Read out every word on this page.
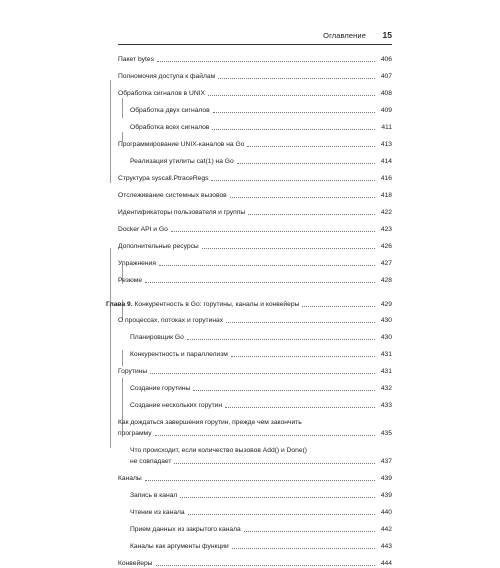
Оглавление 15
Пакет bytes	406
Полномочия доступа к файлам	407
Обработка сигналов в UNIX	408
Обработка двух сигналов	409
Обработка всех сигналов	411
Программирование UNIX-каналов на Go	413
Реализация утилиты cat(1) на Go	414
Структура syscall.PtraceRegs	416
Отслеживание системных вызовов	418
Идентификаторы пользователя и группы	422
Docker API и Go	423
Дополнительные ресурсы	426
Упражнения	427
Резюме	428
Глава 9. Конкурентность в Go: горутины, каналы и конвейеры	429
О процессах, потоках и горутинах	430
Планировщик Go	430
Конкурентность и параллелизм	431
Горутины	431
Создание горутины	432
Создание нескольких горутин	433
Как дождаться завершения горутин, прежде чем закончить
программу	435
Что происходит, если количество вызовов Add() и Done()
не совпадает	437
Каналы	439
Запись в канал	439
Чтение из канала	440
Прием данных из закрытого канала	442
Каналы как аргументы функции	443
Конвейеры	444
